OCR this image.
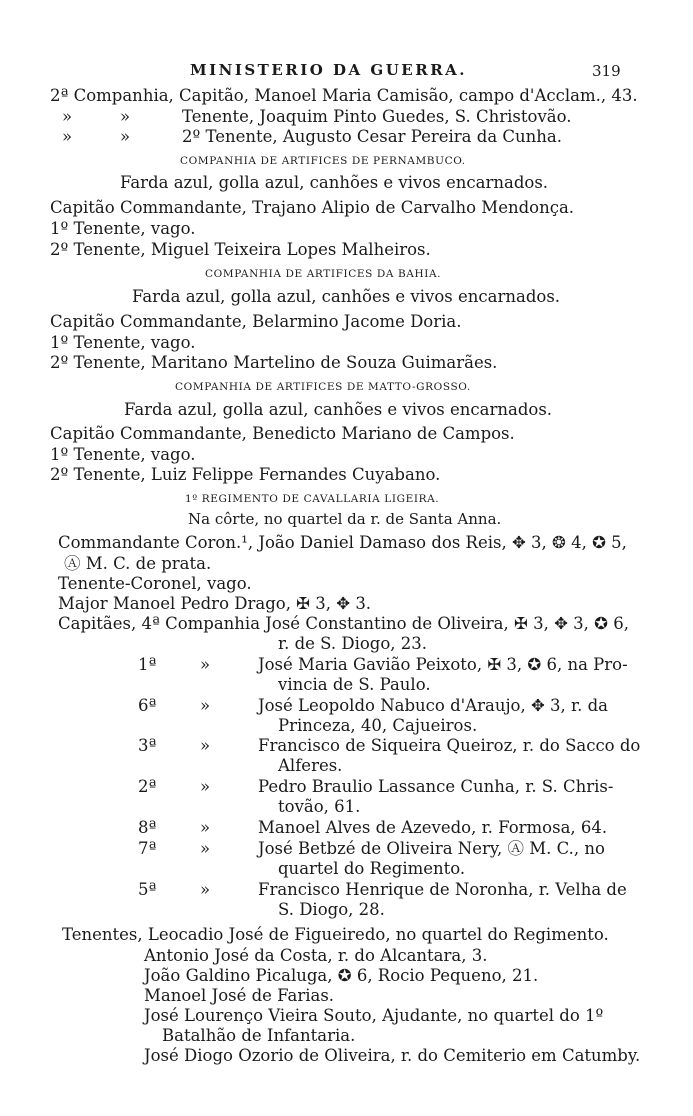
MINISTERIO DA GUERRA.	319
2ª Companhia, Capitão, Manoel Maria Camisão, campo d'Acclam., 43.
»	»	Tenente, Joaquim Pinto Guedes, S. Christovão.
»	»	2º Tenente, Augusto Cesar Pereira da Cunha.
COMPANHIA DE ARTIFICES DE PERNAMBUCO.
Farda azul, golla azul, canhões e vivos encarnados.
Capitão Commandante, Trajano Alipio de Carvalho Mendonça.
1º Tenente, vago.
2º Tenente, Miguel Teixeira Lopes Malheiros.
COMPANHIA DE ARTIFICES DA BAHIA.
Farda azul, golla azul, canhões e vivos encarnados.
Capitão Commandante, Belarmino Jacome Doria.
1º Tenente, vago.
2º Tenente, Maritano Martelino de Souza Guimarães.
COMPANHIA DE ARTIFICES DE MATTO-GROSSO.
Farda azul, golla azul, canhões e vivos encarnados.
Capitão Commandante, Benedicto Mariano de Campos.
1º Tenente, vago.
2º Tenente, Luiz Felippe Fernandes Cuyabano.
1º REGIMENTO DE CAVALLARIA LIGEIRA.
Na côrte, no quartel da r. de Santa Anna.
Commandante Coron.¹, João Daniel Damaso dos Reis, ✥ 3, ❂ 4, ✪ 5,
Ⓐ M. C. de prata.
Tenente-Coronel, vago.
Major Manoel Pedro Drago, ✠ 3, ✥ 3.
Capitães, 4ª Companhia José Constantino de Oliveira, ✠ 3, ✥ 3, ✪ 6,
r. de S. Diogo, 23.
1ª	»	José Maria Gavião Peixoto, ✠ 3, ✪ 6, na Pro-
vincia de S. Paulo.
6ª	»	José Leopoldo Nabuco d'Araujo, ✥ 3, r. da
Princeza, 40, Cajueiros.
3ª	»	Francisco de Siqueira Queiroz, r. do Sacco do
Alferes.
2ª	»	Pedro Braulio Lassance Cunha, r. S. Chris-
tovão, 61.
8ª	»	Manoel Alves de Azevedo, r. Formosa, 64.
7ª	»	José Betbzé de Oliveira Nery, Ⓐ M. C., no
quartel do Regimento.
5ª	»	Francisco Henrique de Noronha, r. Velha de
S. Diogo, 28.
Tenentes, Leocadio José de Figueiredo, no quartel do Regimento.
Antonio José da Costa, r. do Alcantara, 3.
João Galdino Picaluga, ✪ 6, Rocio Pequeno, 21.
Manoel José de Farias.
José Lourenço Vieira Souto, Ajudante, no quartel do 1º
Batalhão de Infantaria.
José Diogo Ozorio de Oliveira, r. do Cemiterio em Catumby.
